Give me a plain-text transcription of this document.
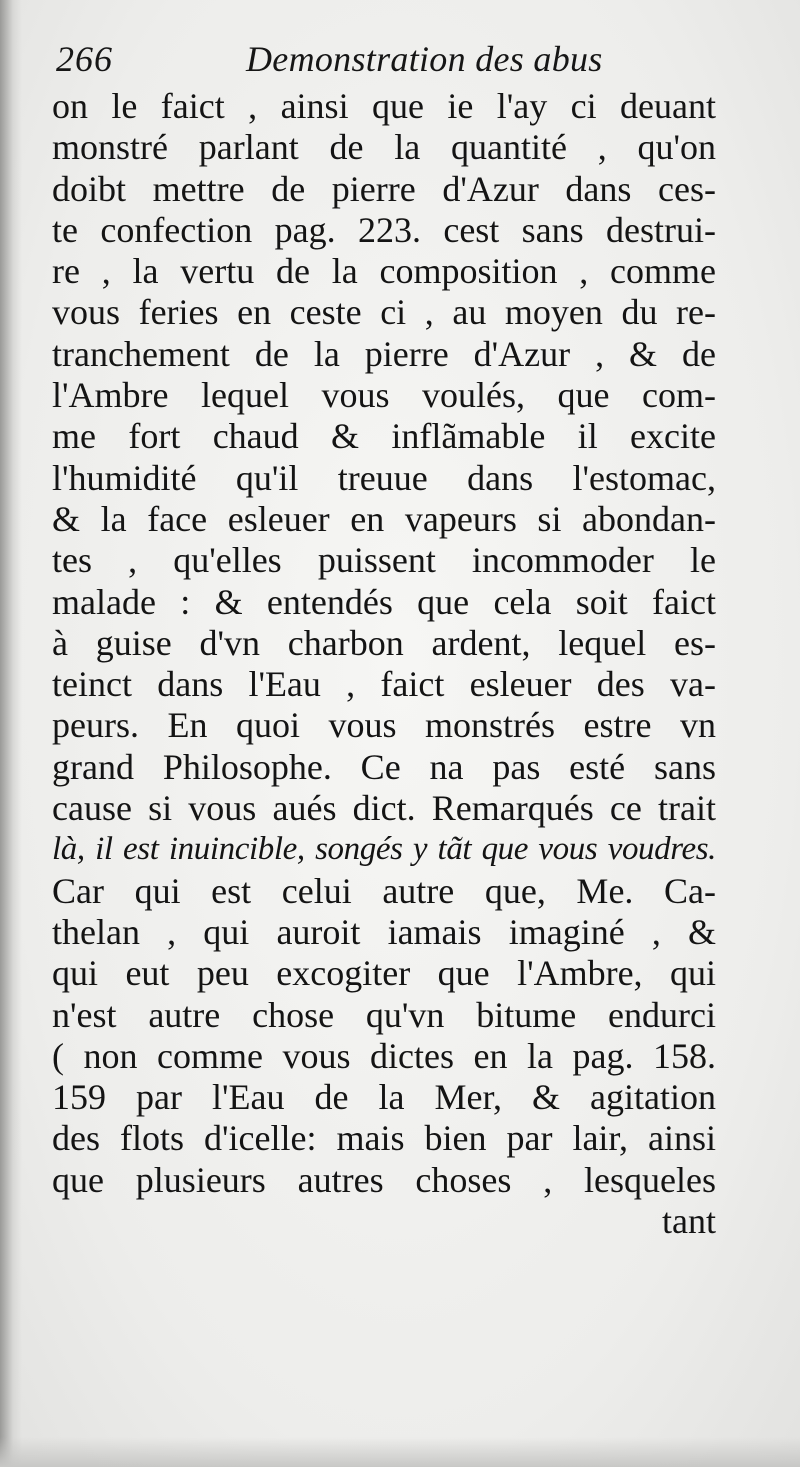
266	Demonstration des abus
on le faict , ainsi que ie l'ay ci deuant
monstré parlant de la quantité , qu'on
doibt mettre de pierre d'Azur dans ces-
te confection pag. 223. cest sans destrui-
re , la vertu de la composition , comme
vous feries en ceste ci , au moyen du re-
tranchement de la pierre d'Azur , & de
l'Ambre lequel vous voulés, que com-
me fort chaud & inflãmable il excite
l'humidité qu'il treuue dans l'estomac,
& la face esleuer en vapeurs si abondan-
tes , qu'elles puissent incommoder le
malade : & entendés que cela soit faict
à guise d'vn charbon ardent, lequel es-
teinct dans l'Eau , faict esleuer des va-
peurs. En quoi vous monstrés estre vn
grand Philosophe. Ce na pas esté sans
cause si vous aués dict. Remarqués ce trait
là, il est inuincible, songés y tãt que vous voudres.
Car qui est celui autre que, Me. Ca-
thelan , qui auroit iamais imaginé , &
qui eut peu excogiter que l'Ambre, qui
n'est autre chose qu'vn bitume endurci
( non comme vous dictes en la pag. 158.
159 par l'Eau de la Mer, & agitation
des flots d'icelle: mais bien par lair, ainsi
que plusieurs autres choses , lesqueles
tant
